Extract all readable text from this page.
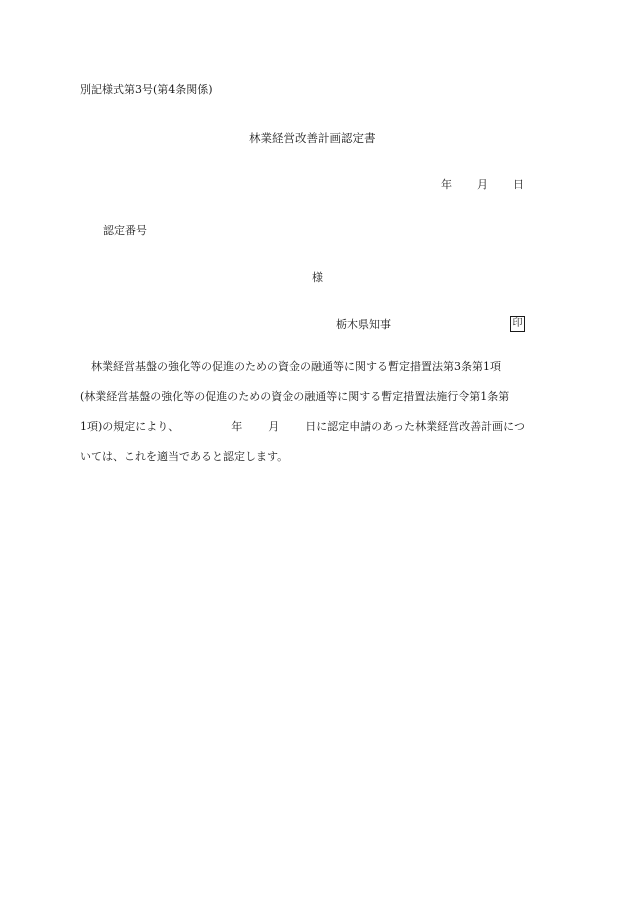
別記様式第3号(第4条関係)
林業経営改善計画認定書
年 月 日
認定番号
様
栃木県知事	印
林業経営基盤の強化等の促進のための資金の融通等に関する暫定措置法第3条第1項
(林業経営基盤の強化等の促進のための資金の融通等に関する暫定措置法施行令第1条第
1項)の規定により、	年 月 日に認定申請のあった林業経営改善計画につ
いては、これを適当であると認定します。
